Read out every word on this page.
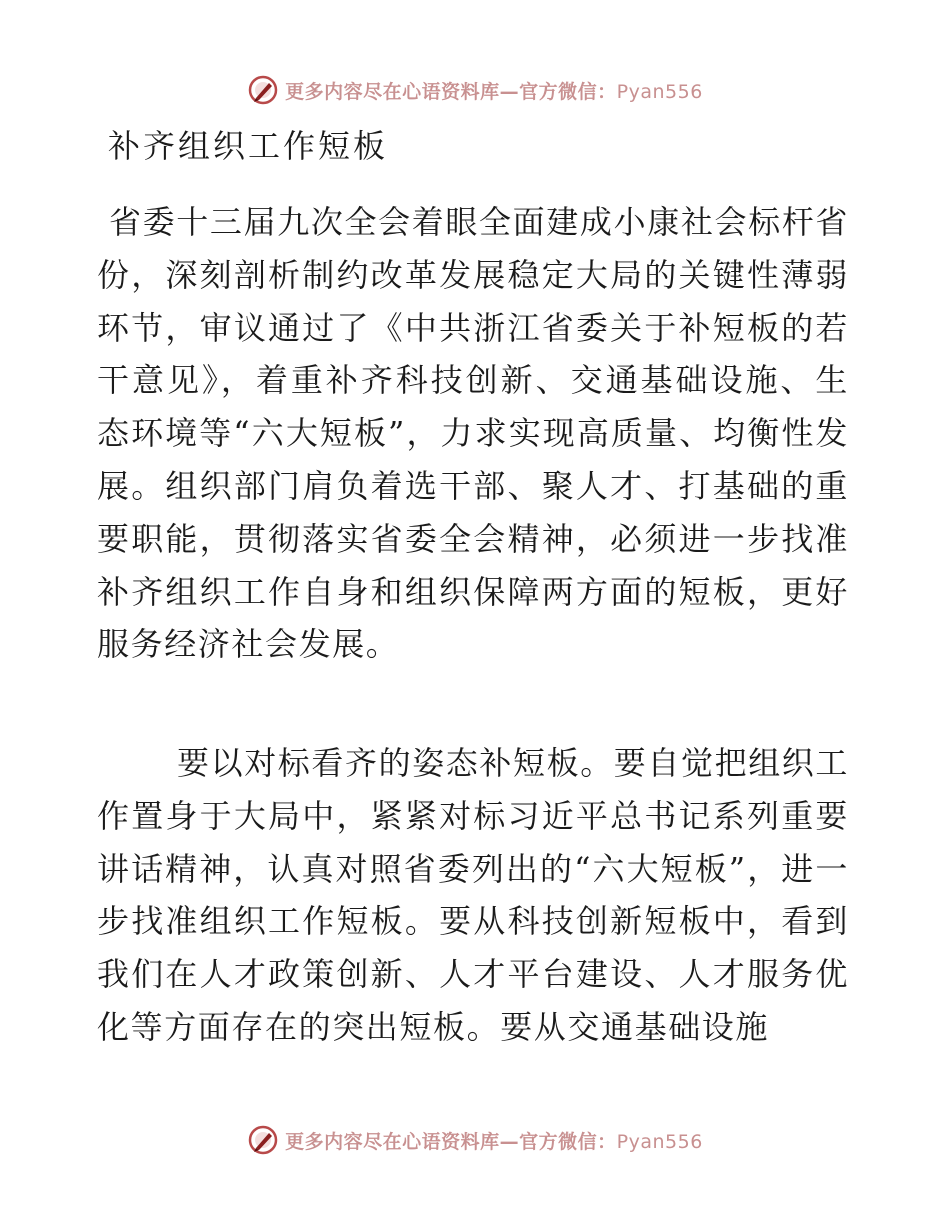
更多内容尽在心语资料库—官方微信：Pyan556
补齐组织工作短板
省委十三届九次全会着眼全面建成小康社会标杆省份，深刻剖析制约改革发展稳定大局的关键性薄弱环节，审议通过了《中共浙江省委关于补短板的若干意见》，着重补齐科技创新、交通基础设施、生态环境等“六大短板”，力求实现高质量、均衡性发展。组织部门肩负着选干部、聚人才、打基础的重要职能，贯彻落实省委全会精神，必须进一步找准补齐组织工作自身和组织保障两方面的短板，更好服务经济社会发展。
要以对标看齐的姿态补短板。要自觉把组织工作置身于大局中，紧紧对标习近平总书记系列重要讲话精神，认真对照省委列出的“六大短板”，进一步找准组织工作短板。要从科技创新短板中，看到我们在人才政策创新、人才平台建设、人才服务优化等方面存在的突出短板。要从交通基础设施
更多内容尽在心语资料库—官方微信：Pyan556
